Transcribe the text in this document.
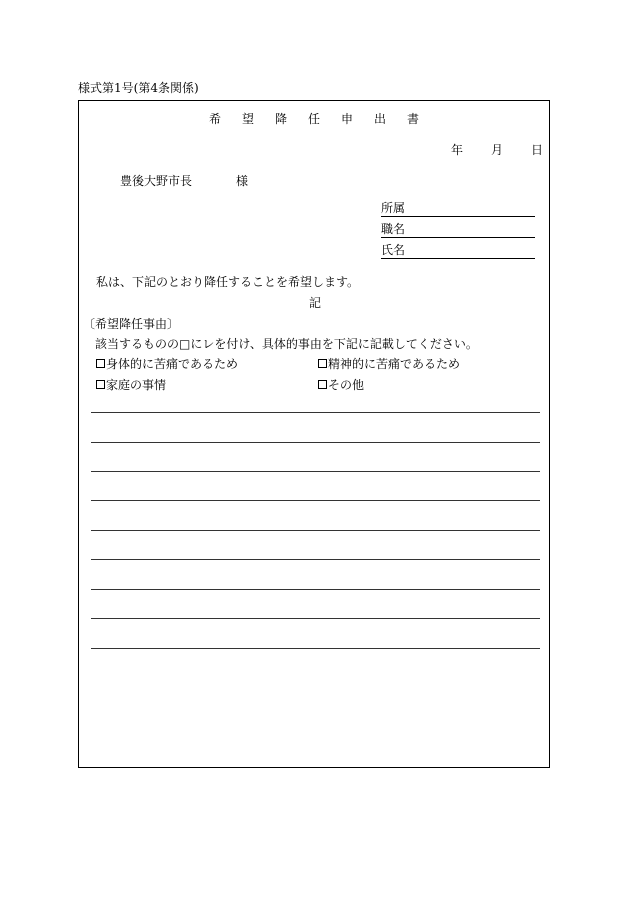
様式第1号(第4条関係)
希 望 降 任 申 出 書
年 月 日
豊後大野市長	様
所属
職名
氏名
私は、下記のとおり降任することを希望します。
記
〔希望降任事由〕
該当するものの□にレを付け、具体的事由を下記に記載してください。
身体的に苦痛であるため	精神的に苦痛であるため
家庭の事情	その他
